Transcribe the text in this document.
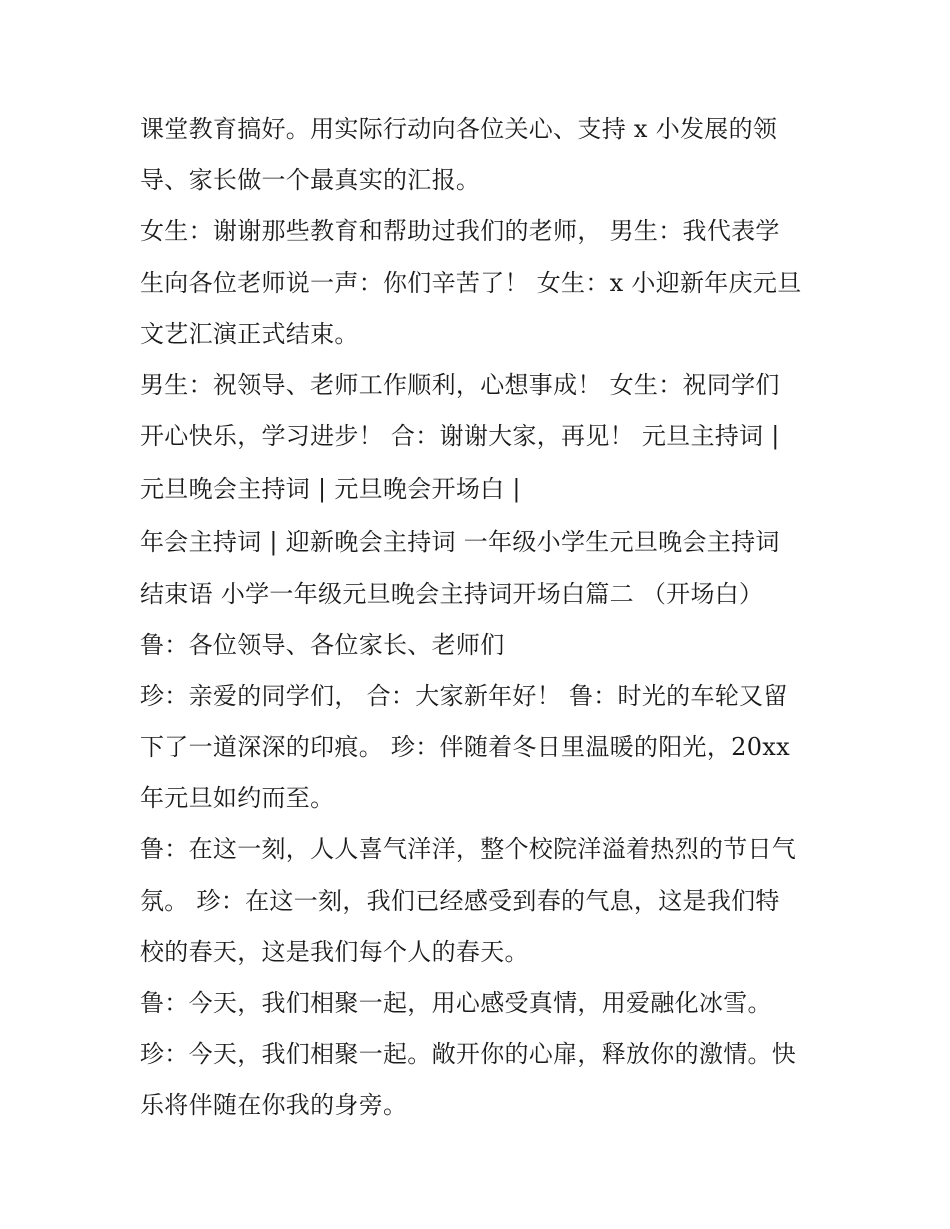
课堂教育搞好。用实际行动向各位关心、支持 x 小发展的领
导、家长做一个最真实的汇报。
女生：谢谢那些教育和帮助过我们的老师， 男生：我代表学
生向各位老师说一声：你们辛苦了！ 女生：x 小迎新年庆元旦
文艺汇演正式结束。
男生：祝领导、老师工作顺利，心想事成！ 女生：祝同学们
开心快乐，学习进步！ 合：谢谢大家，再见！ 元旦主持词 |
元旦晚会主持词 | 元旦晚会开场白 |
年会主持词 | 迎新晚会主持词 一年级小学生元旦晚会主持词
结束语 小学一年级元旦晚会主持词开场白篇二 （开场白）
鲁：各位领导、各位家长、老师们
珍：亲爱的同学们， 合：大家新年好！ 鲁：时光的车轮又留
下了一道深深的印痕。 珍：伴随着冬日里温暖的阳光，20xx
年元旦如约而至。
鲁：在这一刻，人人喜气洋洋，整个校院洋溢着热烈的节日气
氛。 珍：在这一刻，我们已经感受到春的气息，这是我们特
校的春天，这是我们每个人的春天。
鲁：今天，我们相聚一起，用心感受真情，用爱融化冰雪。
珍：今天，我们相聚一起。敞开你的心扉，释放你的激情。快
乐将伴随在你我的身旁。
